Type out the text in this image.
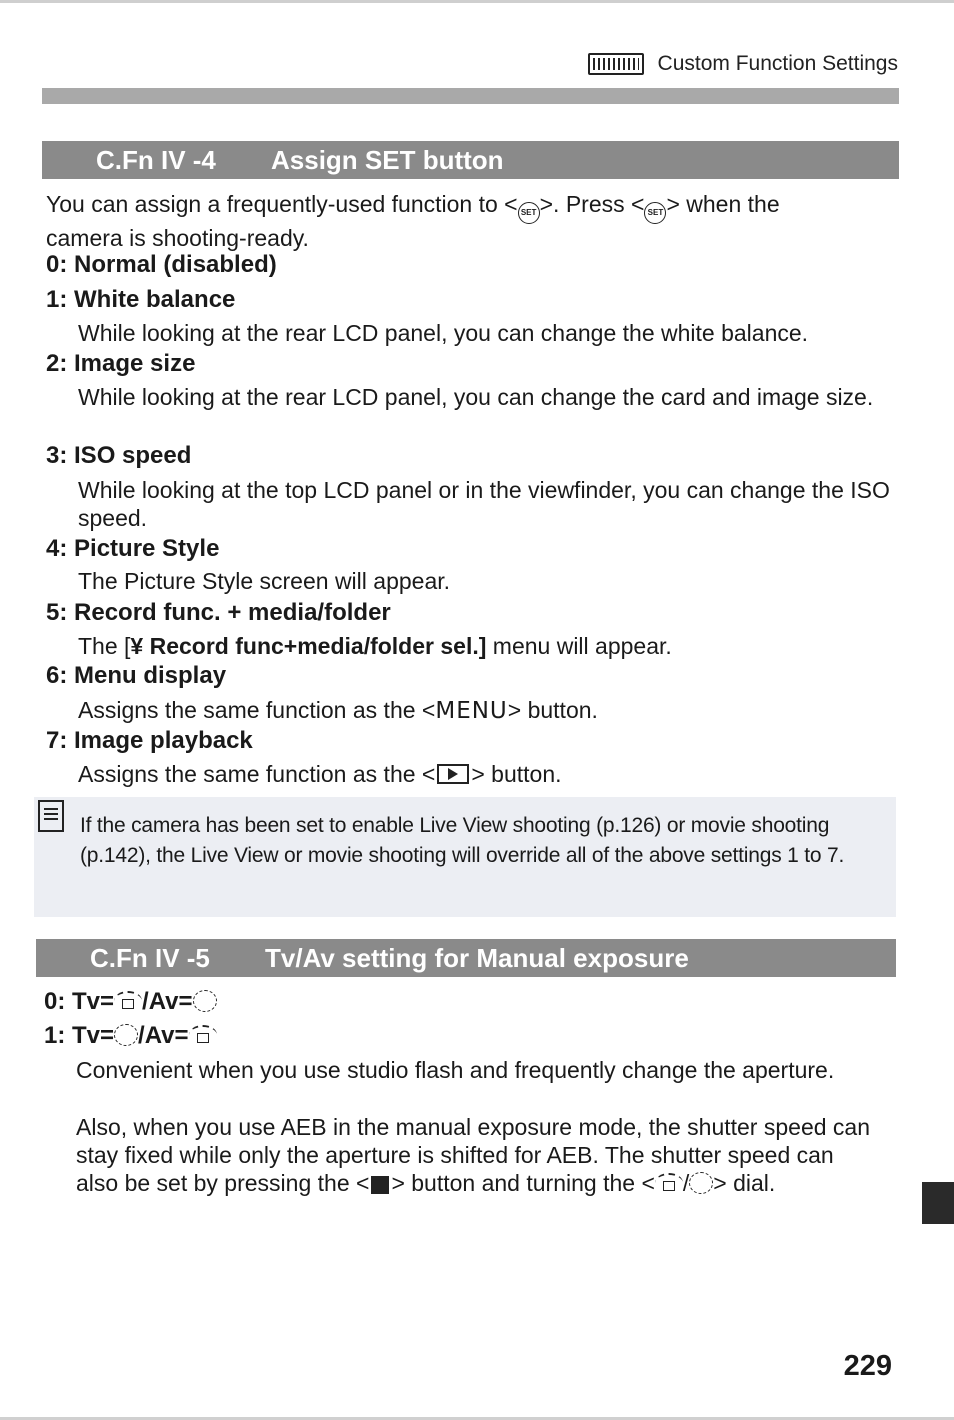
Custom Function Settings
C.Fn IV -4	Assign SET button
You can assign a frequently-used function to < SET >. Press < SET > when the
camera is shooting-ready.
0: Normal (disabled)
1: White balance
While looking at the rear LCD panel, you can change the white balance.
2: Image size
While looking at the rear LCD panel, you can change the card and image size.
3: ISO speed
While looking at the top LCD panel or in the viewfinder, you can change the ISO speed.
4: Picture Style
The Picture Style screen will appear.
5: Record func. + media/folder
The [¥ Record func+media/folder sel.] menu will appear.
6: Menu display
Assigns the same function as the <MENU> button.
7: Image playback
Assigns the same function as the < > button.
If the camera has been set to enable Live View shooting (p.126) or movie shooting (p.142), the Live View or movie shooting will override all of the above settings 1 to 7.
C.Fn IV -5	Tv/Av setting for Manual exposure
0: Tv= /Av=
1: Tv= /Av=
Convenient when you use studio flash and frequently change the aperture.
Also, when you use AEB in the manual exposure mode, the shutter speed can stay fixed while only the aperture is shifted for AEB. The shutter speed can also be set by pressing the < > button and turning the < / > dial.
229
